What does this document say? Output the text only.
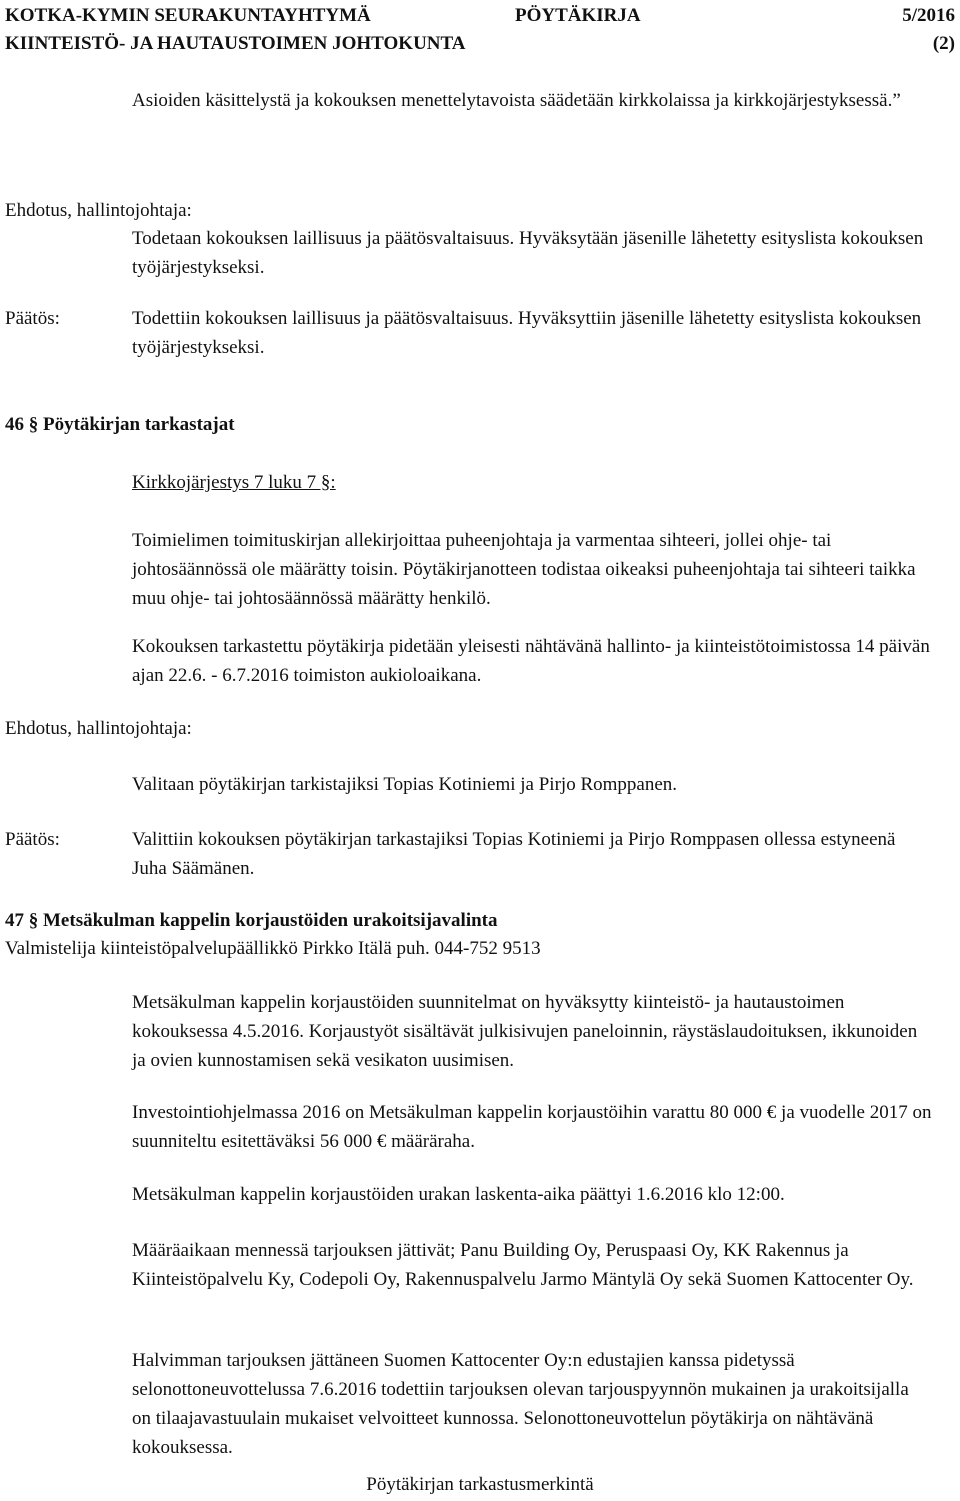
KOTKA-KYMIN SEURAKUNTAYHTYMÄ	PÖYTÄKIRJA	5/2016
KIINTEISTÖ- JA HAUTAUSTOIMEN JOHTOKUNTA	(2)

Asioiden käsittelystä ja kokouksen menettelytavoista säädetään kirkkolaissa ja kirkkojärjestyksessä.”

Ehdotus, hallintojohtaja:

Todetaan kokouksen laillisuus ja päätösvaltaisuus. Hyväksytään jäsenille lähetetty esityslista kokouksen työjärjestykseksi.

Päätös:	Todettiin kokouksen laillisuus ja päätösvaltaisuus. Hyväksyttiin jäsenille lähetetty esityslista kokouksen työjärjestykseksi.

46 § Pöytäkirjan tarkastajat

Kirkkojärjestys 7 luku 7 §:

Toimielimen toimituskirjan allekirjoittaa puheenjohtaja ja varmentaa sihteeri, jollei ohje- tai johtosäännössä ole määrätty toisin. Pöytäkirjanotteen todistaa oikeaksi puheenjohtaja tai sihteeri taikka muu ohje- tai johtosäännössä määrätty henkilö.

Kokouksen tarkastettu pöytäkirja pidetään yleisesti nähtävänä hallinto- ja kiinteistötoimistossa 14 päivän ajan 22.6. - 6.7.2016 toimiston aukioloaikana.

Ehdotus, hallintojohtaja:

Valitaan pöytäkirjan tarkistajiksi Topias Kotiniemi ja Pirjo Romppanen.

Päätös:	Valittiin kokouksen pöytäkirjan tarkastajiksi Topias Kotiniemi ja Pirjo Romppasen ollessa estyneenä Juha Säämänen.

47 § Metsäkulman kappelin korjaustöiden urakoitsijavalinta

Valmistelija kiinteistöpalvelupäällikkö Pirkko Itälä puh. 044-752 9513

Metsäkulman kappelin korjaustöiden suunnitelmat on hyväksytty kiinteistö- ja hautaustoimen kokouksessa 4.5.2016. Korjaustyöt sisältävät julkisivujen paneloinnin, räystäslaudoituksen, ikkunoiden ja ovien kunnostamisen sekä vesikaton uusimisen.

Investointiohjelmassa 2016 on Metsäkulman kappelin korjaustöihin varattu 80 000 € ja vuodelle 2017 on suunniteltu esitettäväksi 56 000 € määräraha.

Metsäkulman kappelin korjaustöiden urakan laskenta-aika päättyi 1.6.2016 klo 12:00.

Määräaikaan mennessä tarjouksen jättivät; Panu Building Oy, Peruspaasi Oy, KK Rakennus ja Kiinteistöpalvelu Ky, Codepoli Oy, Rakennuspalvelu Jarmo Mäntylä Oy sekä Suomen Kattocenter Oy.

Halvimman tarjouksen jättäneen Suomen Kattocenter Oy:n edustajien kanssa pidetyssä selonottoneuvottelussa 7.6.2016 todettiin tarjouksen olevan tarjouspyynnön mukainen ja urakoitsijalla on tilaajavastuulain mukaiset velvoitteet kunnossa. Selonottoneuvottelun pöytäkirja on nähtävänä kokouksessa.

Pöytäkirjan tarkastusmerkintä
